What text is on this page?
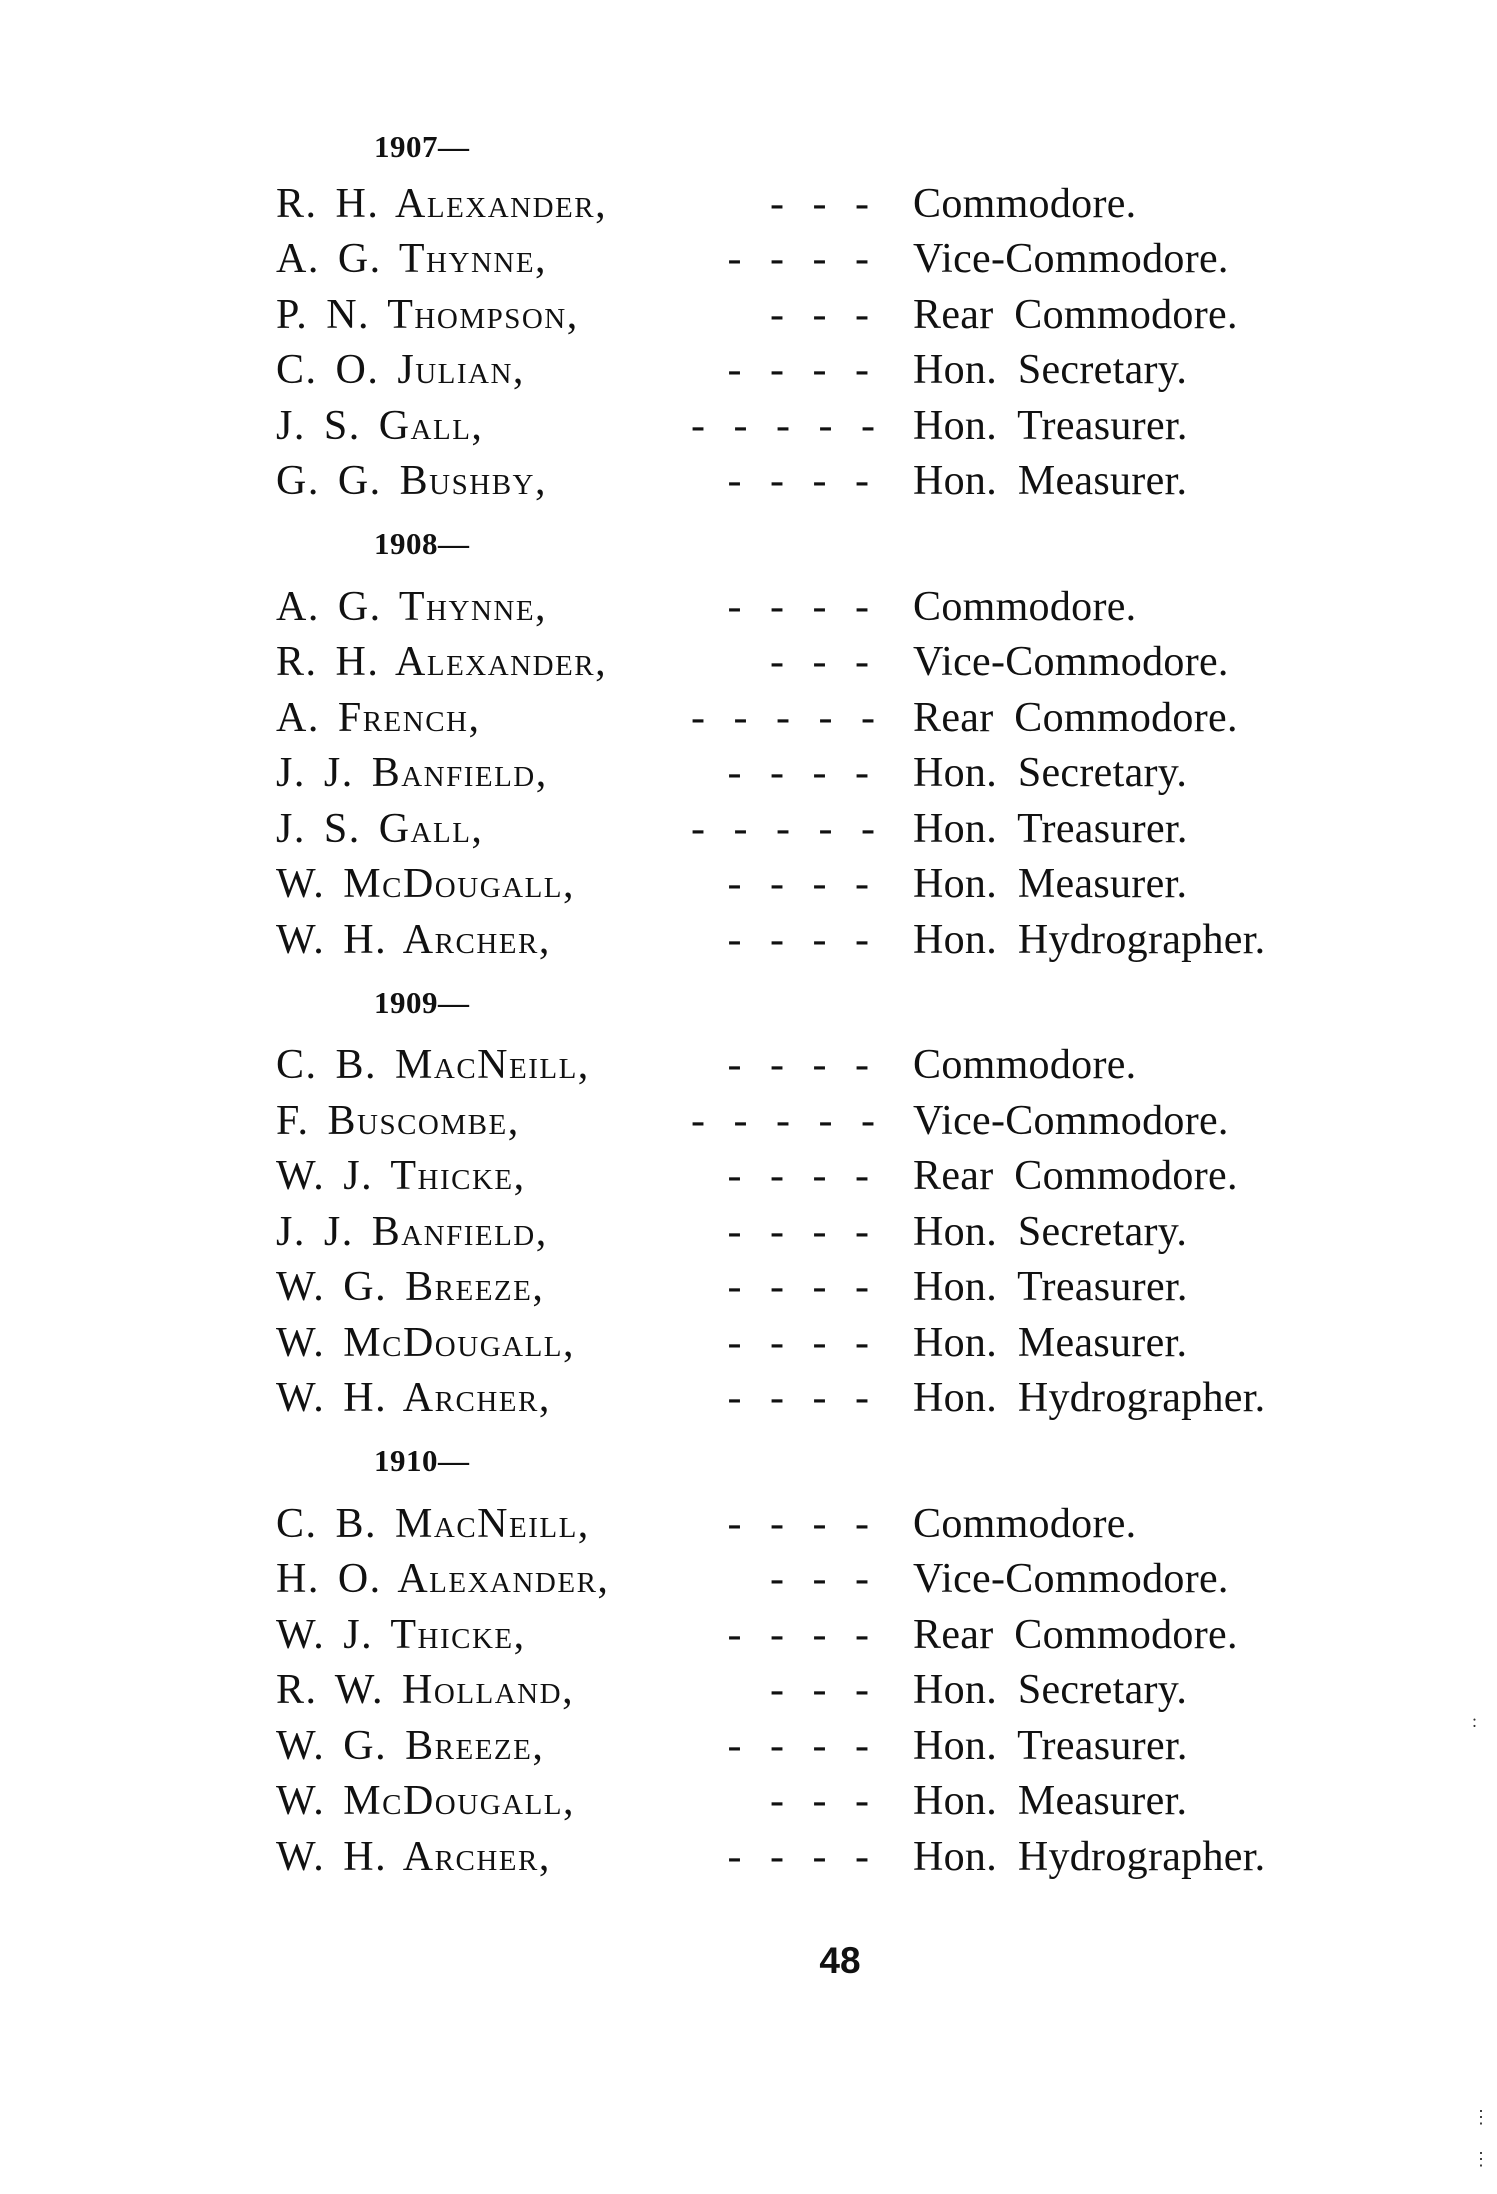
1907—
R. H. Alexander,	- - -	Commodore.
A. G. Thynne,	- - - -	Vice-Commodore.
P. N. Thompson,	- - -	Rear Commodore.
C. O. Julian,	- - - -	Hon. Secretary.
J. S. Gall,	- - - - - Hon. Treasurer.
G. G. Bushby,	- - - -	Hon. Measurer.
1908—
A. G. Thynne,	- - - -	Commodore.
R. H. Alexander,	- - -	Vice-Commodore.
A. French,	- - - - - Rear Commodore.
J. J. Banfield,	- - - -	Hon. Secretary.
J. S. Gall,	- - - - - Hon. Treasurer.
W. McDougall,	- - - -	Hon. Measurer.
W. H. Archer,	- - - -	Hon. Hydrographer.
1909—
C. B. MacNeill,	- - - -	Commodore.
F. Buscombe,	- - - - - Vice-Commodore.
W. J. Thicke,	- - - -	Rear Commodore.
J. J. Banfield,	- - - -	Hon. Secretary.
W. G. Breeze,	- - - -	Hon. Treasurer.
W. McDougall,	- - - -	Hon. Measurer.
W. H. Archer,	- - - -	Hon. Hydrographer.
1910—
C. B. MacNeill,	- - - -	Commodore.
H. O. Alexander,	- - -	Vice-Commodore.
W. J. Thicke,	- - - -	Rear Commodore.
R. W. Holland,	- - -	Hon. Secretary.
W. G. Breeze,	- - - -	Hon. Treasurer.
W. McDougall,	- - -	Hon. Measurer.
W. H. Archer,	- - - -	Hon. Hydrographer.
48
:
⋮
⋮
